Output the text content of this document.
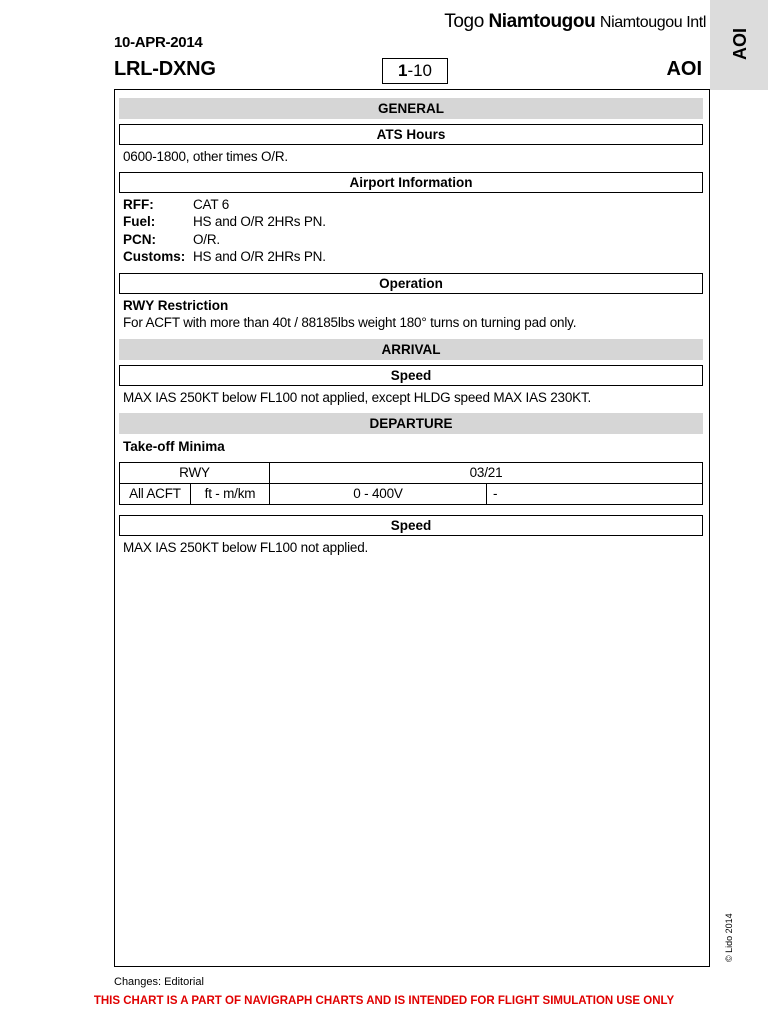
10-APR-2014
LRL-DXNG
Togo Niamtougou Niamtougou Intl
1-10	AOI
AOI
GENERAL
ATS Hours
0600-1800, other times O/R.
Airport Information
RFF:	CAT 6
Fuel:	HS and O/R 2HRs PN.
PCN:	O/R.
Customs: HS and O/R 2HRs PN.
Operation
RWY Restriction
For ACFT with more than 40t / 88185lbs weight 180° turns on turning pad only.
ARRIVAL
Speed
MAX IAS 250KT below FL100 not applied, except HLDG speed MAX IAS 230KT.
DEPARTURE
Take-off Minima
RWY		03/21	
All ACFT	ft - m/km	0 - 400V	-
Speed
MAX IAS 250KT below FL100 not applied.
© Lido 2014
Changes: Editorial
THIS CHART IS A PART OF NAVIGRAPH CHARTS AND IS INTENDED FOR FLIGHT SIMULATION USE ONLY
